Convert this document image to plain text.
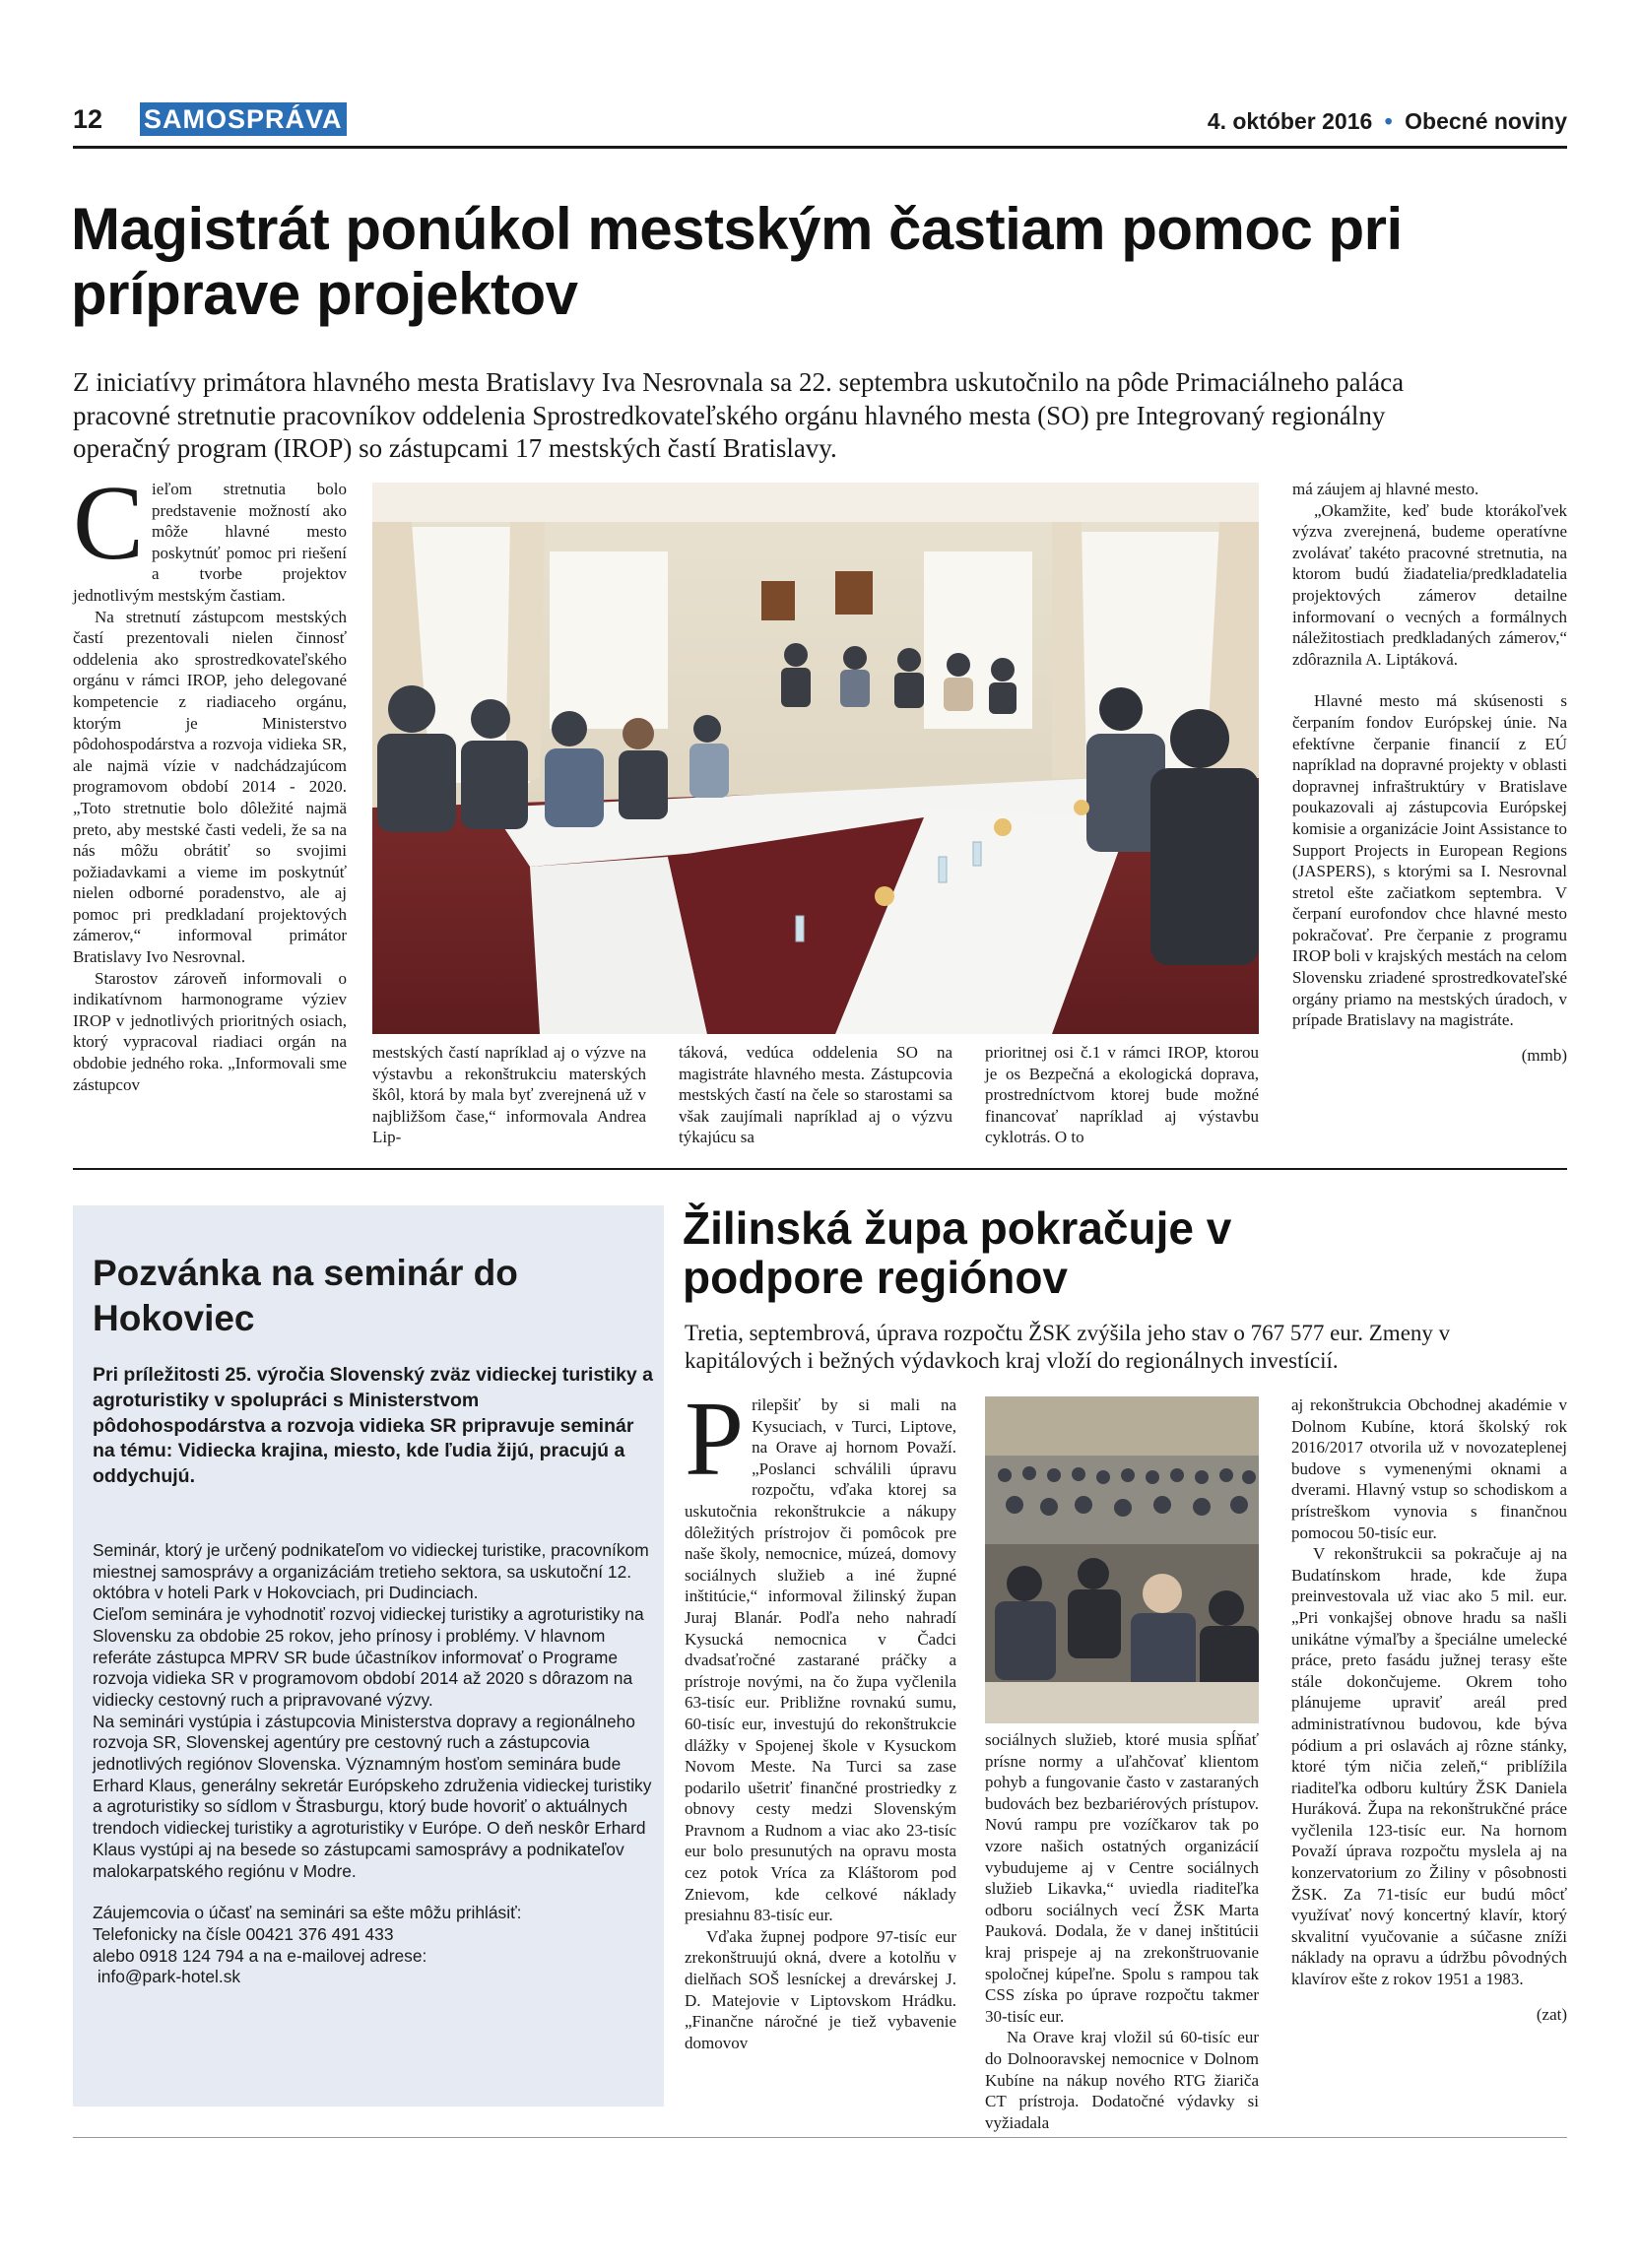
12 SAMOSPRÁVA	4. október 2016 • Obecné noviny
Magistrát ponúkol mestským častiam pomoc pri príprave projektov
Z iniciatívy primátora hlavného mesta Bratislavy Iva Nesrovnala sa 22. septembra uskutočnilo na pôde Primaciálneho paláca pracovné stretnutie pracovníkov oddelenia Sprostredkovateľského orgánu hlavného mesta (SO) pre Integrovaný regionálny operačný program (IROP) so zástupcami 17 mestských častí Bratislavy.
C ieľom stretnutia bolo predstavenie možností ako môže hlavné mesto poskytnúť pomoc pri riešení a tvorbe projektov jednotlivým mestským častiam.

Na stretnutí zástupcom mestských častí prezentovali nielen činnosť oddelenia ako sprostredkovateľského orgánu v rámci IROP, jeho delegované kompetencie z riadiaceho orgánu, ktorým je Ministerstvo pôdohospodárstva a rozvoja vidieka SR, ale najmä vízie v nadchádzajúcom programovom období 2014 - 2020. „Toto stretnutie bolo dôležité najmä preto, aby mestské časti vedeli, že sa na nás môžu obrátiť so svojimi požiadavkami a vieme im poskytnúť nielen odborné poradenstvo, ale aj pomoc pri predkladaní projektových zámerov,“ informoval primátor Bratislavy Ivo Nesrovnal.

Starostov zároveň informovali o indikatívnom harmonograme výziev IROP v jednotlivých prioritných osiach, ktorý vypracoval riadiaci orgán na obdobie jedného roka. „Informovali sme zástupcov

mestských častí napríklad aj o výzve na výstavbu a rekonštrukciu materských škôl, ktorá by mala byť zverejnená už v najbližšom čase,“ informovala Andrea Lip-
táková, vedúca oddelenia SO na magistráte hlavného mesta. Zástupcovia mestských častí na čele so starostami sa však zaujímali napríklad aj o výzvu týkajúcu sa
prioritnej osi č.1 v rámci IROP, ktorou je os Bezpečná a ekologická doprava, prostredníctvom ktorej bude možné financovať napríklad aj výstavbu cyklotrás. O to

má záujem aj hlavné mesto.

„Okamžite, keď bude ktorákoľvek výzva zverejnená, budeme operatívne zvolávať takéto pracovné stretnutia, na ktorom budú žiadatelia/predkladatelia projektových zámerov detailne informovaní o vecných a formálnych náležitostiach predkladaných zámerov,“ zdôraznila A. Liptáková.

Hlavné mesto má skúsenosti s čerpaním fondov Európskej únie. Na efektívne čerpanie financií z EÚ napríklad na dopravné projekty v oblasti dopravnej infraštruktúry v Bratislave poukazovali aj zástupcovia Európskej komisie a organizácie Joint Assistance to Support Projects in European Regions (JASPERS), s ktorými sa I. Nesrovnal stretol ešte začiatkom septembra. V čerpaní eurofondov chce hlavné mesto pokračovať. Pre čerpanie z programu IROP boli v krajských mestách na celom Slovensku zriadené sprostredkovateľské orgány priamo na mestských úradoch, v prípade Bratislavy na magistráte.

(mmb)
Pozvánka na seminár do Hokoviec
Pri príležitosti 25. výročia Slovenský zväz vidieckej turistiky a agroturistiky v spolupráci s Ministerstvom pôdohospodárstva a rozvoja vidieka SR pripravuje seminár na tému: Vidiecka krajina, miesto, kde ľudia žijú, pracujú a oddychujú.
Seminár, ktorý je určený podnikateľom vo vidieckej turistike, pracovníkom miestnej samosprávy a organizáciám tretieho sektora, sa uskutoční 12. októbra v hoteli Park v Hokovciach, pri Dudinciach.
Cieľom seminára je vyhodnotiť rozvoj vidieckej turistiky a agroturistiky na Slovensku za obdobie 25 rokov, jeho prínosy i problémy. V hlavnom referáte zástupca MPRV SR bude účastníkov informovať o Programe rozvoja vidieka SR v programovom období 2014 až 2020 s dôrazom na vidiecky cestovný ruch a pripravované výzvy.
Na seminári vystúpia i zástupcovia Ministerstva dopravy a regionálneho rozvoja SR, Slovenskej agentúry pre cestovný ruch a zástupcovia jednotlivých regiónov Slovenska. Významným hosťom seminára bude Erhard Klaus, generálny sekretár Európskeho združenia vidieckej turistiky a agroturistiky so sídlom v Štrasburgu, ktorý bude hovoriť o aktuálnych trendoch vidieckej turistiky a agroturistiky v Európe. O deň neskôr Erhard Klaus vystúpi aj na besede so zástupcami samosprávy a podnikateľov malokarpatského regiónu v Modre.
Záujemcovia o účasť na seminári sa ešte môžu prihlásiť:
Telefonicky na čísle 00421 376 491 433
alebo 0918 124 794 a na e-mailovej adrese:
info@park-hotel.sk
Žilinská župa pokračuje v podpore regiónov
Tretia, septembrová, úprava rozpočtu ŽSK zvýšila jeho stav o 767 577 eur. Zmeny v kapitálových i bežných výdavkoch kraj vloží do regionálnych investícií.
P rilepšiť by si mali na Kysuciach, v Turci, Liptove, na Orave aj hornom Považí. „Poslanci schválili úpravu rozpočtu, vďaka ktorej sa uskutočnia rekonštrukcie a nákupy dôležitých prístrojov či pomôcok pre naše školy, nemocnice, múzeá, domovy sociálnych služieb a iné župné inštitúcie,“ informoval žilinský župan Juraj Blanár. Podľa neho nahradí Kysucká nemocnica v Čadci dvadsaťročné zastarané práčky a prístroje novými, na čo župa vyčlenila 63-tisíc eur. Približne rovnakú sumu, 60-tisíc eur, investujú do rekonštrukcie dlážky v Spojenej škole v Kysuckom Novom Meste. Na Turci sa zase podarilo ušetriť finančné prostriedky z obnovy cesty medzi Slovenským Pravnom a Rudnom a viac ako 23-tisíc eur bolo presunutých na opravu mosta cez potok Vríca za Kláštorom pod Znievom, kde celkové náklady presiahnu 83-tisíc eur.

Vďaka župnej podpore 97-tisíc eur zrekonštruujú okná, dvere a kotolňu v dielňach SOŠ lesníckej a drevárskej J. D. Matejovie v Liptovskom Hrádku. „Finančne náročné je tiež vybavenie domovov

sociálnych služieb, ktoré musia spĺňať prísne normy a uľahčovať klientom pohyb a fungovanie často v zastaraných budovách bez bezbariérových prístupov. Novú rampu pre vozíčkarov tak po vzore našich ostatných organizácií vybudujeme aj v Centre sociálnych služieb Likavka,“ uviedla riaditeľka odboru sociálnych vecí ŽSK Marta Pauková. Dodala, že v danej inštitúcii kraj prispeje aj na zrekonštruovanie spoločnej kúpeľne. Spolu s rampou tak CSS získa po úprave rozpočtu takmer 30-tisíc eur.

Na Orave kraj vložil sú 60-tisíc eur do Dolnooravskej nemocnice v Dolnom Kubíne na nákup nového RTG žiariča CT prístroja. Dodatočné výdavky si vyžiadala

aj rekonštrukcia Obchodnej akadémie v Dolnom Kubíne, ktorá školský rok 2016/2017 otvorila už v novozateplenej budove s vymenenými oknami a dverami. Hlavný vstup so schodiskom a prístreškom vynovia s finančnou pomocou 50-tisíc eur.

V rekonštrukcii sa pokračuje aj na Budatínskom hrade, kde župa preinvestovala už viac ako 5 mil. eur. „Pri vonkajšej obnove hradu sa našli unikátne výmaľby a špeciálne umelecké práce, preto fasádu južnej terasy ešte stále dokončujeme. Okrem toho plánujeme upraviť areál pred administratívnou budovou, kde býva pódium a pri oslavách aj rôzne stánky, ktoré tým ničia zeleň,“ priblížila riaditeľka odboru kultúry ŽSK Daniela Huráková. Župa na rekonštrukčné práce vyčlenila 123-tisíc eur. Na hornom Považí úprava rozpočtu myslela aj na konzervatorium zo Žiliny v pôsobnosti ŽSK. Za 71-tisíc eur budú môcť využívať nový koncertný klavír, ktorý skvalitní vyučovanie a súčasne zníži náklady na opravu a údržbu pôvodných klavírov ešte z rokov 1951 a 1983.

(zat)
